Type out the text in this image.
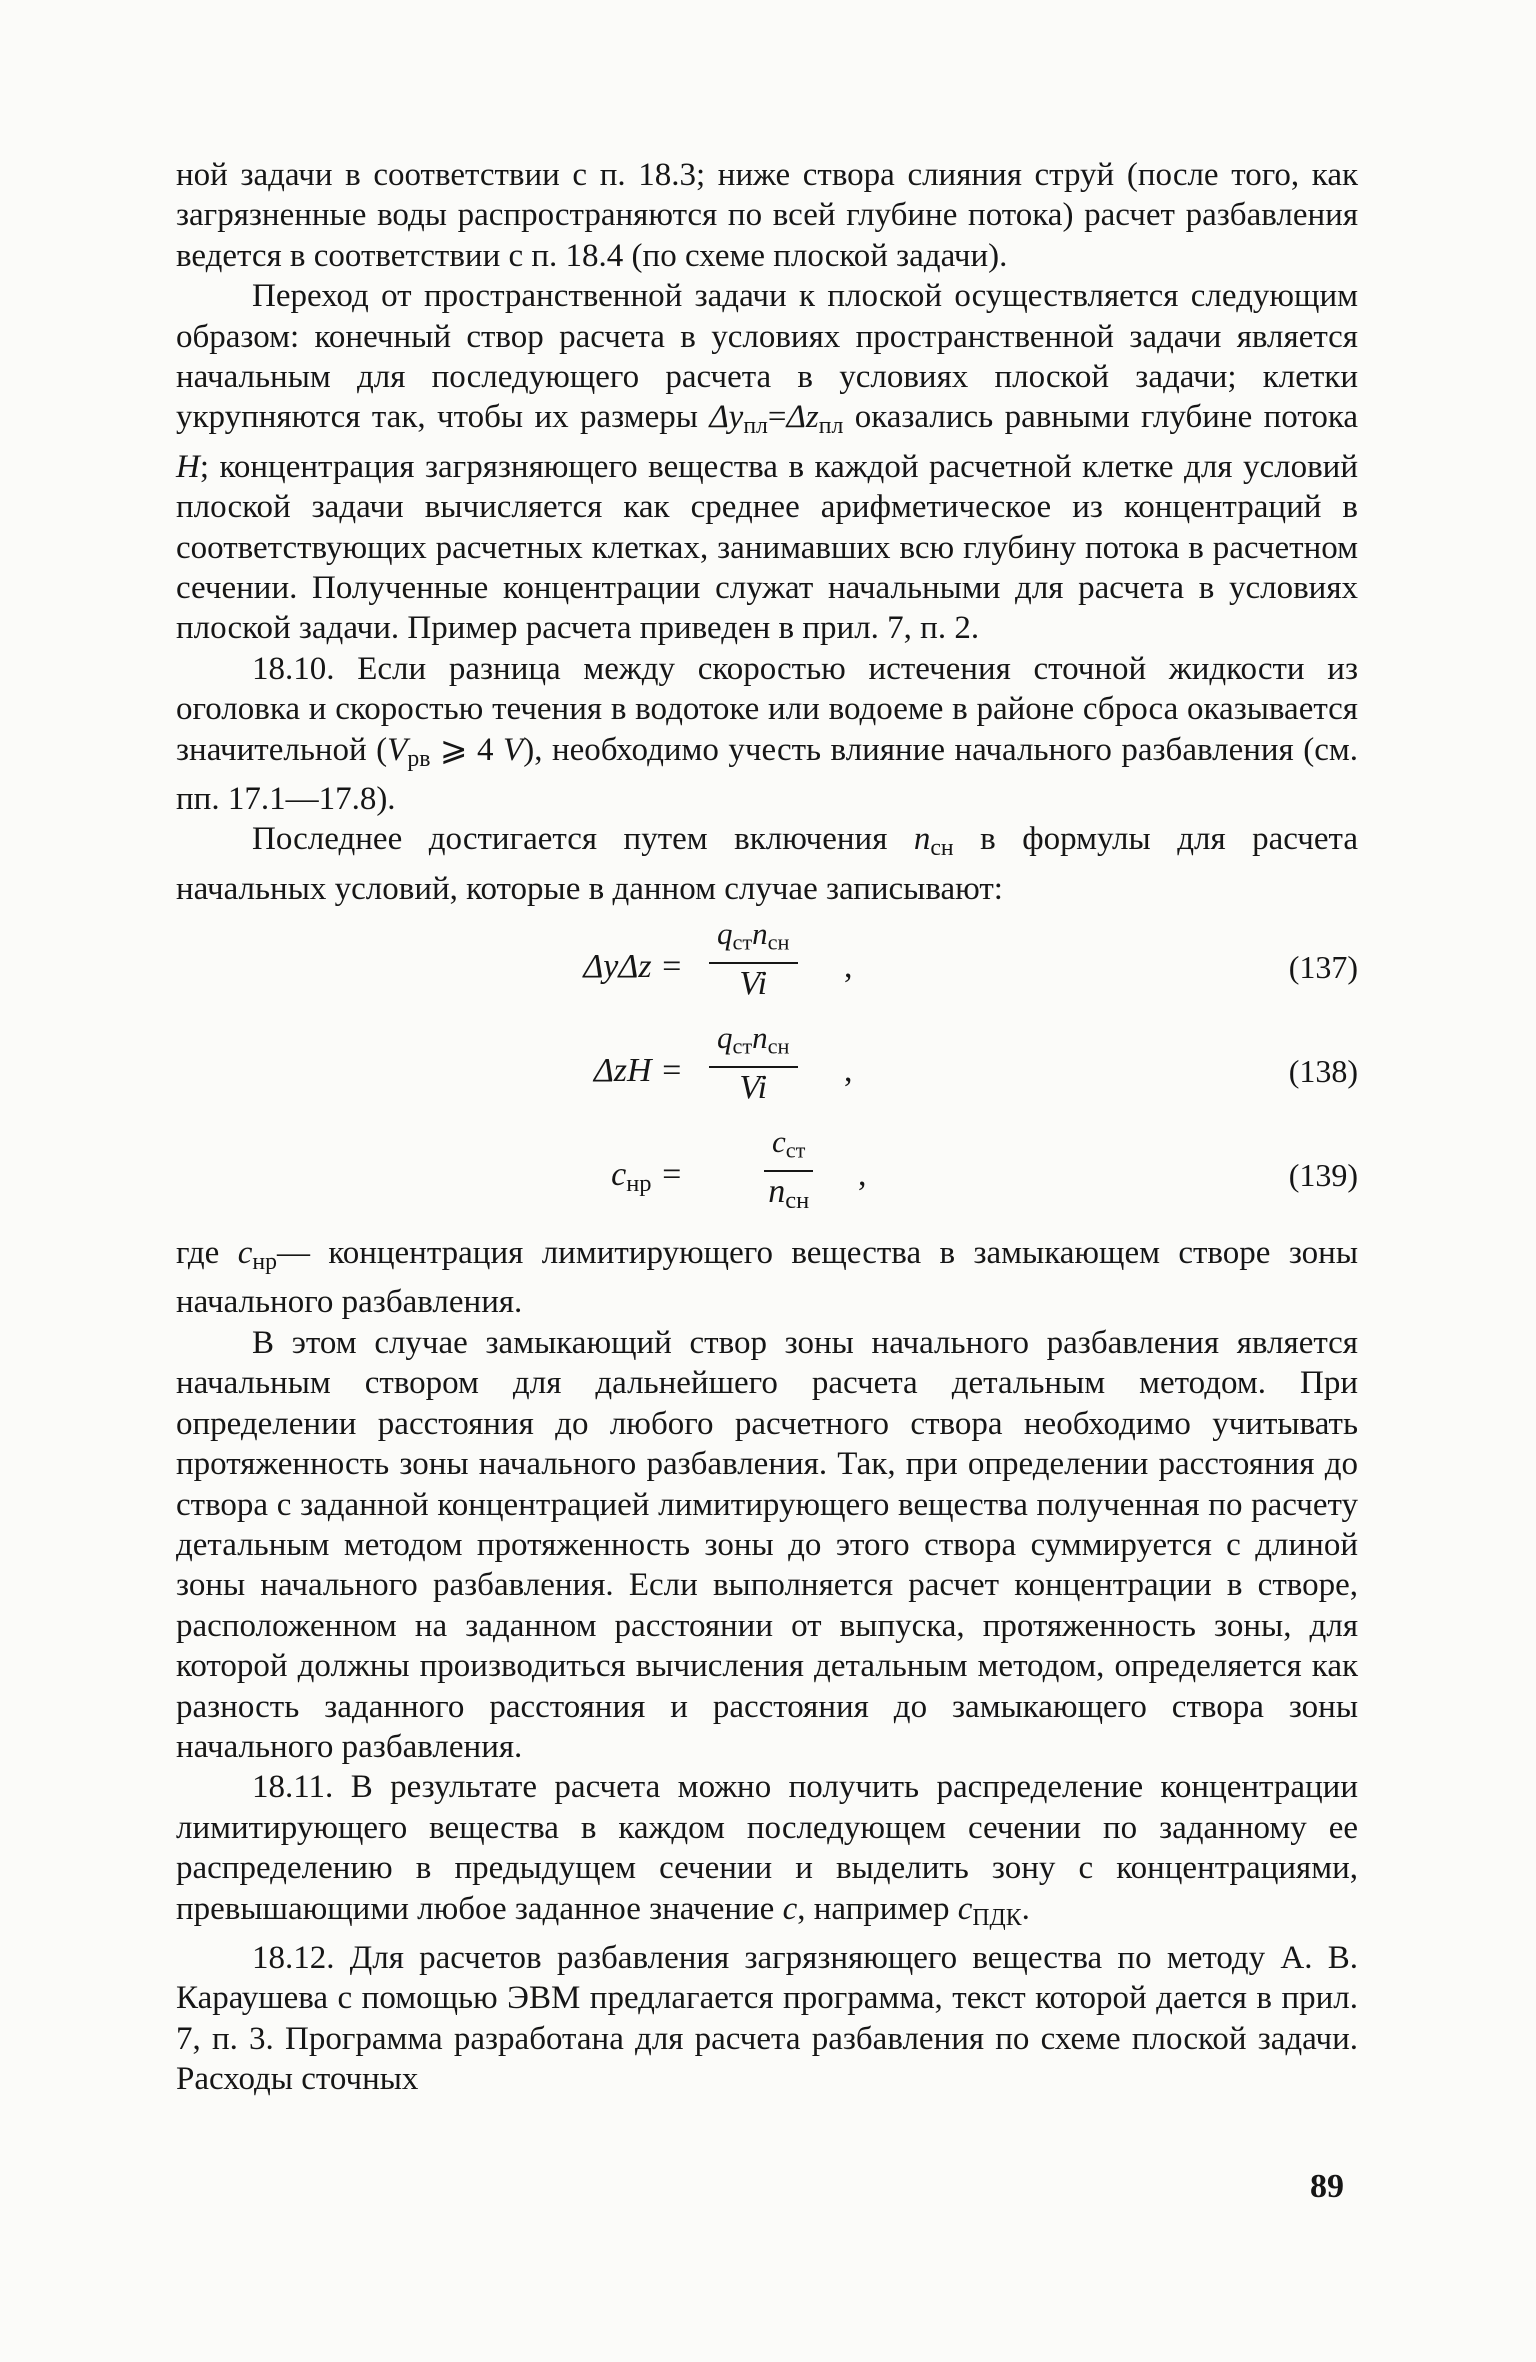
ной задачи в соответствии с п. 18.3; ниже створа слияния струй (после того, как загрязненные воды распространяются по всей глубине потока) расчет разбавления ведется в соответствии с п. 18.4 (по схеме плоской задачи).

Переход от пространственной задачи к плоской осуществляется следующим образом: конечный створ расчета в условиях пространственной задачи является начальным для последующего расчета в условиях плоской задачи; клетки укрупняются так, чтобы их размеры $\Delta y_{пл}=\Delta z_{пл}$ оказались равными глубине потока H; концентрация загрязняющего вещества в каждой расчетной клетке для условий плоской задачи вычисляется как среднее арифметическое из концентраций в соответствующих расчетных клетках, занимавших всю глубину потока в расчетном сечении. Полученные концентрации служат начальными для расчета в условиях плоской задачи. Пример расчета приведен в прил. 7, п. 2.

18.10. Если разница между скоростью истечения сточной жидкости из оголовка и скоростью течения в водотоке или водоеме в районе сброса оказывается значительной ($V_{рв}$ ⩾ 4 V), необходимо учесть влияние начального разбавления (см. пп. 17.1—17.8).

Последнее достигается путем включения $n_{сн}$ в формулы для расчета начальных условий, которые в данном случае записывают:

ΔyΔz =
$q_{ст}n_{сн}$
Vi ,	(137)
ΔzH =
$q_{ст}n_{сн}$
Vi ,	(138)
$c_{нр}$ =
$c_{ст}$
$n_{сн}$
,	(139)

где $c_{нр}—$ концентрация лимитирующего вещества в замыкающем створе зоны начального разбавления.

В этом случае замыкающий створ зоны начального разбавления является начальным створом для дальнейшего расчета детальным методом. При определении расстояния до любого расчетного створа необходимо учитывать протяженность зоны начального разбавления. Так, при определении расстояния до створа с заданной концентрацией лимитирующего вещества полученная по расчету детальным методом протяженность зоны до этого створа суммируется с длиной зоны начального разбавления. Если выполняется расчет концентрации в створе, расположенном на заданном расстоянии от выпуска, протяженность зоны, для которой должны производиться вычисления детальным методом, определяется как разность заданного расстояния и расстояния до замыкающего створа зоны начального разбавления.

18.11. В результате расчета можно получить распределение концентрации лимитирующего вещества в каждом последующем сечении по заданному ее распределению в предыдущем сечении и выделить зону с концентрациями, превышающими любое заданное значение c, например $c_{ПДК}$.

18.12. Для расчетов разбавления загрязняющего вещества по методу А. В. Караушева с помощью ЭВМ предлагается программа, текст которой дается в прил. 7, п. 3. Программа разработана для расчета разбавления по схеме плоской задачи. Расходы сточных

89
